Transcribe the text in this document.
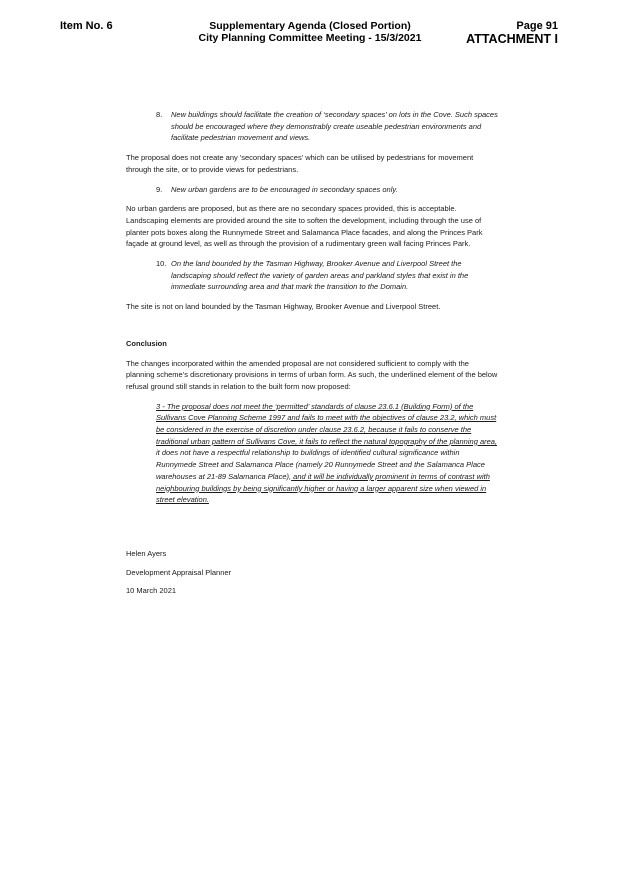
Item No. 6	Supplementary Agenda (Closed Portion)
City Planning Committee Meeting - 15/3/2021
Page 91
ATTACHMENT I
8.	New buildings should facilitate the creation of ‘secondary spaces’ on lots in the Cove. Such spaces should be encouraged where they demonstrably create useable pedestrian environments and facilitate pedestrian movement and views.

The proposal does not create any 'secondary spaces' which can be utilised by pedestrians for movement through the site, or to provide views for pedestrians.

9.	New urban gardens are to be encouraged in secondary spaces only.

No urban gardens are proposed, but as there are no secondary spaces provided, this is acceptable. Landscaping elements are provided around the site to soften the development, including through the use of planter pots boxes along the Runnymede Street and Salamanca Place facades, and along the Princes Park façade at ground level, as well as through the provision of a rudimentary green wall facing Princes Park.

10. On the land bounded by the Tasman Highway, Brooker Avenue and Liverpool Street the landscaping should reflect the variety of garden areas and parkland styles that exist in the immediate surrounding area and that mark the transition to the Domain.

The site is not on land bounded by the Tasman Highway, Brooker Avenue and Liverpool Street.

Conclusion

The changes incorporated within the amended proposal are not considered sufficient to comply with the planning scheme’s discretionary provisions in terms of urban form. As such, the underlined element of the below refusal ground still stands in relation to the built form now proposed:

3 - The proposal does not meet the ‘permitted’ standards of clause 23.6.1 (Building Form) of the Sullivans Cove Planning Scheme 1997 and fails to meet with the objectives of clause 23.2, which must be considered in the exercise of discretion under clause 23.6.2, because it fails to conserve the traditional urban pattern of Sullivans Cove, it fails to reflect the natural topography of the planning area, it does not have a respectful relationship to buildings of identified cultural significance within Runnymede Street and Salamanca Place (namely 20 Runnymede Street and the Salamanca Place warehouses at 21-89 Salamanca Place), and it will be individually prominent in terms of contrast with neighbouring buildings by being significantly higher or having a larger apparent size when viewed in street elevation.

Helen Ayers

Development Appraisal Planner

10 March 2021
